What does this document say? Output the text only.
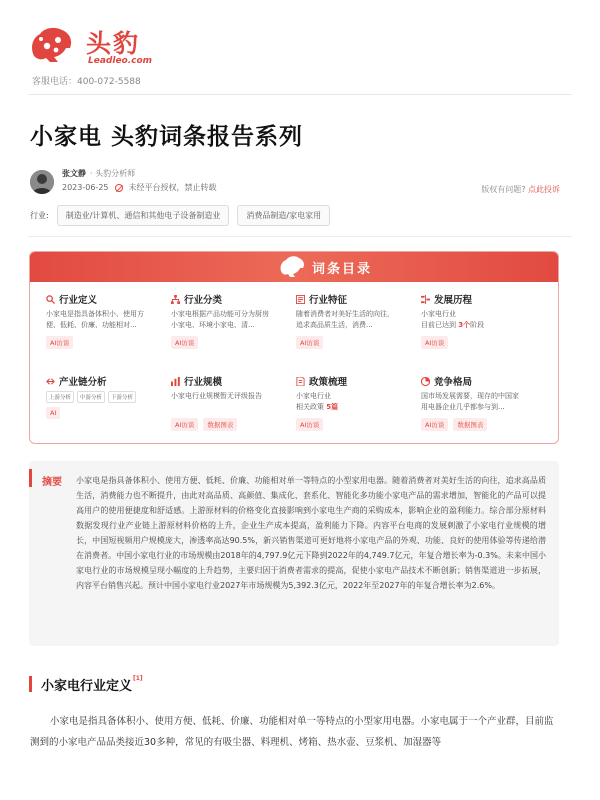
头豹
Leadleo.com
客服电话：400-072-5588
小家电 头豹词条报告系列
张文静 · 头豹分析师
2023-06-25	未经平台授权，禁止转载	版权有问题? 点此投诉
行业:	制造业/计算机、通信和其他电子设备制造业	消费品制造/家电家用
词条目录
行业定义
小家电是指具备体积小、使用方便、低耗、价廉、功能相对...
AI访谈
行业分类
小家电根据产品功能可分为厨房小家电、环境小家电、清...
AI访谈
行业特征
随着消费者对美好生活的向往，追求高品质生活，消费...
AI访谈
发展历程
小家电行业
目前已达到 3个阶段
AI访谈
产业链分析
上游分析	中游分析	下游分析
AI
行业规模
小家电行业规模暂无评级报告
AI访谈	数据图表
政策梳理
小家电行业
相关政策 5篇
AI访谈
竞争格局
国市场发展需要，现存的中国家用电器企业几乎都参与到...
AI访谈	数据图表
摘要 小家电是指具备体积小、使用方便、低耗、价廉、功能相对单一等特点的小型家用电器。随着消费者对美好生活的向往，追求高品质生活，消费能力也不断提升，由此对高品质、高颜值、集成化、套系化、智能化多功能小家电产品的需求增加，智能化的产品可以提高用户的使用便捷度和舒适感。上游原材料的价格变化直接影响到小家电生产商的采购成本，影响企业的盈利能力。综合部分原材料数据发现行业产业链上游原材料价格的上升，企业生产成本提高，盈利能力下降。内容平台电商的发展刺激了小家电行业规模的增长，中国短视频用户规模庞大，渗透率高达90.5%，新兴销售渠道可更好地将小家电产品的外观、功能、良好的使用体验等传递给潜在消费者。中国小家电行业的市场规模由2018年的4,797.9亿元下降到2022年的4,749.7亿元，年复合增长率为-0.3%。未来中国小家电行业的市场规模呈现小幅度的上升趋势，主要归因于消费者需求的提高，促使小家电产品技术不断创新；销售渠道进一步拓展，内容平台销售兴起。预计中国小家电行业2027年市场规模为5,392.3亿元，2022年至2027年的年复合增长率为2.6%。
小家电行业定义[1]
小家电是指具备体积小、使用方便、低耗、价廉、功能相对单一等特点的小型家用电器。小家电属于一个产业群，目前监测到的小家电产品品类接近30多种，常见的有吸尘器、料理机、烤箱、热水壶、豆浆机、加湿器等
